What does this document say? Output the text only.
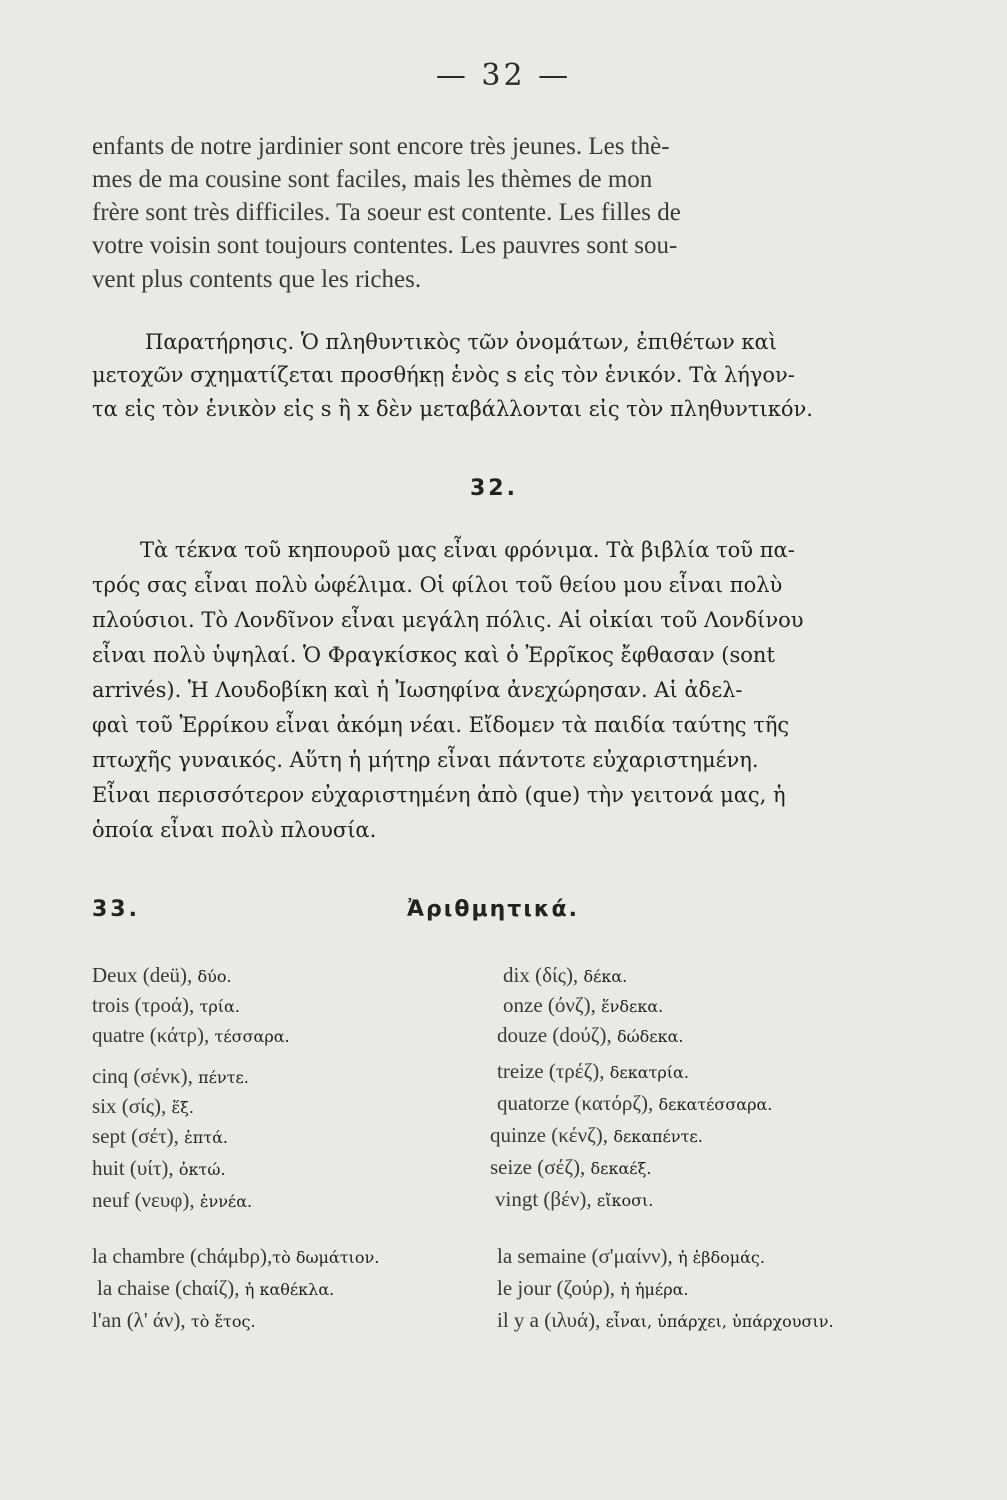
— 32 —
enfants de notre jardinier sont encore très jeunes. Les thè-
mes de ma cousine sont faciles, mais les thèmes de mon
frère sont très difficiles. Ta soeur est contente. Les filles de
votre voisin sont toujours contentes. Les pauvres sont sou-
vent plus contents que les riches.
Παρατήρησις. Ὁ πληθυντικὸς τῶν ὀνομάτων, ἐπιθέτων καὶ
μετοχῶν σχηματίζεται προσθήκῃ ἑνὸς s εἰς τὸν ἑνικόν. Τὰ λήγον-
τα εἰς τὸν ἑνικὸν εἰς s ἢ x δὲν μεταβάλλονται εἰς τὸν πληθυντικόν.
32.
Τὰ τέκνα τοῦ κηπουροῦ μας εἶναι φρόνιμα. Τὰ βιβλία τοῦ πα-
τρός σας εἶναι πολὺ ὠφέλιμα. Οἱ φίλοι τοῦ θείου μου εἶναι πολὺ
πλούσιοι. Τὸ Λονδῖνον εἶναι μεγάλη πόλις. Αἱ οἰκίαι τοῦ Λονδίνου
εἶναι πολὺ ὑψηλαί. Ὁ Φραγκίσκος καὶ ὁ Ἐρρῖκος ἔφθασαν (sont
arrivés). Ἡ Λουδοβίκη καὶ ἡ Ἰωσηφίνα ἀνεχώρησαν. Αἱ ἀδελ-
φαὶ τοῦ Ἐρρίκου εἶναι ἀκόμη νέαι. Εἴδομεν τὰ παιδία ταύτης τῆς
πτωχῆς γυναικός. Αὕτη ἡ μήτηρ εἶναι πάντοτε εὐχαριστημένη.
Εἶναι περισσότερον εὐχαριστημένη ἀπὸ (que) τὴν γειτονά μας, ἡ
ὁποία εἶναι πολὺ πλουσία.
33.	Ἀριθμητικά.
Deux (deü), δύο.
trois (τροά), τρία.
quatre (κάτρ), τέσσαρα.
cinq (σένκ), πέντε.
six (σίς), ἕξ.
sept (σέτ), ἑπτά.
huit (υίτ), ὀκτώ.
neuf (νευφ), ἐννέα.
dix (δίς), δέκα.
onze (όνζ), ἕνδεκα.
douze (doύζ), δώδεκα.
treize (τρέζ), δεκατρία.
quatorze (κατόρζ), δεκατέσσαρα.
quinze (κένζ), δεκαπέντε.
seize (σέζ), δεκαέξ.
vingt (βέν), εἴκοσι.
la chambre (chάμbρ),τὸ δωμάτιον.
la chaise (chαίζ), ἡ καθέκλα.
l'an (λ' άν), τὸ ἔτος.
la semaine (σ'μαίνν), ἡ ἑβδομάς.
le jour (ζούρ), ἡ ἡμέρα.
il y a (ιλυά), εἶναι, ὑπάρχει, ὑπάρχουσιν.
